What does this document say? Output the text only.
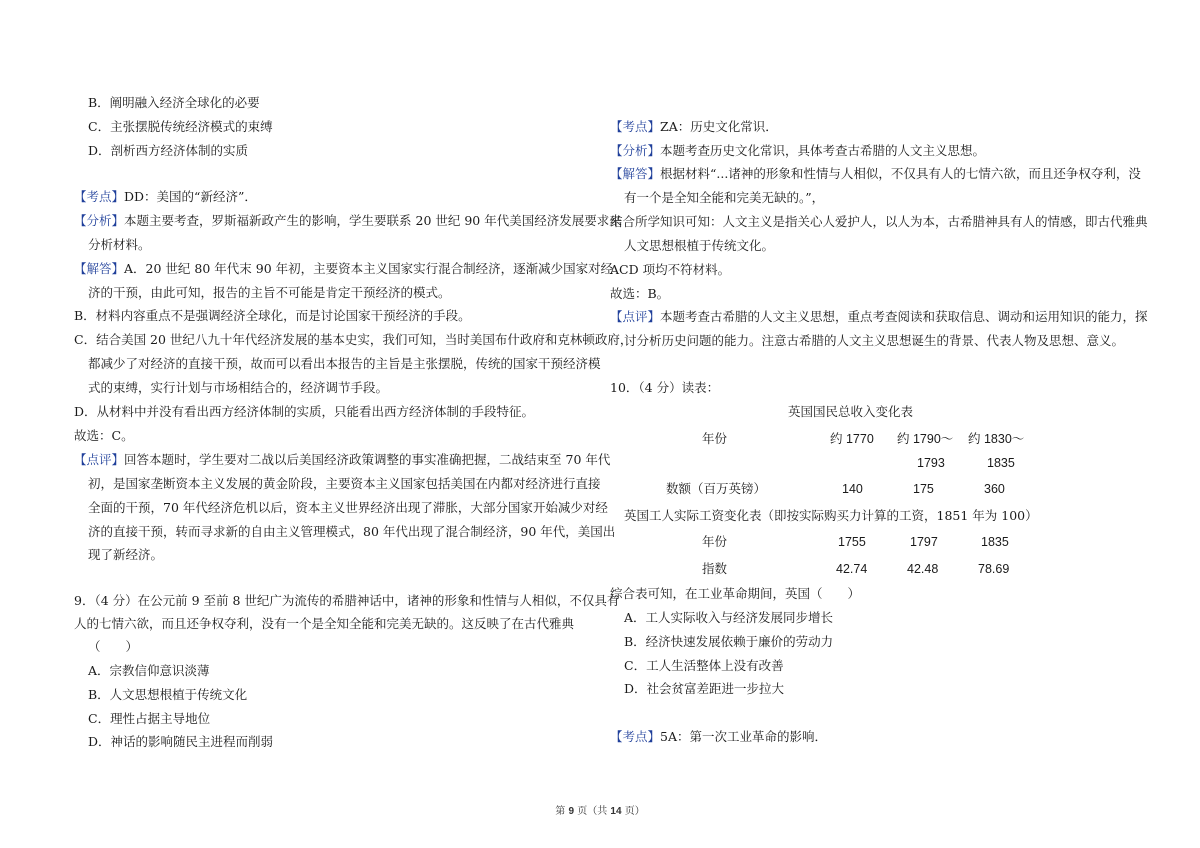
B．阐明融入经济全球化的必要
C．主张摆脱传统经济模式的束缚
D．剖析西方经济体制的实质
【考点】DD：美国的“新经济”．
【分析】本题主要考查，罗斯福新政产生的影响，学生要联系 20 世纪 90 年代美国经济发展要求来
分析材料。
【解答】A．20 世纪 80 年代末 90 年初，主要资本主义国家实行混合制经济，逐渐减少国家对经
济的干预，由此可知，报告的主旨不可能是肯定干预经济的模式。
B．材料内容重点不是强调经济全球化，而是讨论国家干预经济的手段。
C．结合美国 20 世纪八九十年代经济发展的基本史实，我们可知，当时美国布什政府和克林顿政府，
都减少了对经济的直接干预，故而可以看出本报告的主旨是主张摆脱，传统的国家干预经济模
式的束缚，实行计划与市场相结合的，经济调节手段。
D．从材料中并没有看出西方经济体制的实质，只能看出西方经济体制的手段特征。
故选：C。
【点评】回答本题时，学生要对二战以后美国经济政策调整的事实准确把握，二战结束至 70 年代
初，是国家垄断资本主义发展的黄金阶段，主要资本主义国家包括美国在内都对经济进行直接
全面的干预，70 年代经济危机以后，资本主义世界经济出现了滞胀，大部分国家开始减少对经
济的直接干预，转而寻求新的自由主义管理模式，80 年代出现了混合制经济，90 年代，美国出
现了新经济。
9．（4 分）在公元前 9 至前 8 世纪广为流传的希腊神话中，诸神的形象和性情与人相似，不仅具有
人的七情六欲，而且还争权夺利，没有一个是全知全能和完美无缺的。这反映了在古代雅典
（　　）
A．宗教信仰意识淡薄
B．人文思想根植于传统文化
C．理性占据主导地位
D．神话的影响随民主进程而削弱
【考点】ZA：历史文化常识．
【分析】本题考查历史文化常识，具体考查古希腊的人文主义思想。
【解答】根据材料“...诸神的形象和性情与人相似，不仅具有人的七情六欲，而且还争权夺利，没
有一个是全知全能和完美无缺的。”，
结合所学知识可知：人文主义是指关心人爱护人，以人为本，古希腊神具有人的情感，即古代雅典
人文思想根植于传统文化。
ACD 项均不符材料。
故选：B。
【点评】本题考查古希腊的人文主义思想，重点考查阅读和获取信息、调动和运用知识的能力，探
讨分析历史问题的能力。注意古希腊的人文主义思想诞生的背景、代表人物及思想、意义。
10．（4 分）读表：
英国国民总收入变化表
年份	约 1770 约 1790～ 约 1830～
1793	1835
数额（百万英镑）	140	175	360
英国工人实际工资变化表（即按实际购买力计算的工资，1851 年为 100）
年份	1755	1797	1835
指数	42.74	42.48	78.69
综合表可知，在工业革命期间，英国（　　）
A．工人实际收入与经济发展同步增长
B．经济快速发展依赖于廉价的劳动力
C．工人生活整体上没有改善
D．社会贫富差距进一步拉大
【考点】5A：第一次工业革命的影响．
第 9 页（共 14 页）
